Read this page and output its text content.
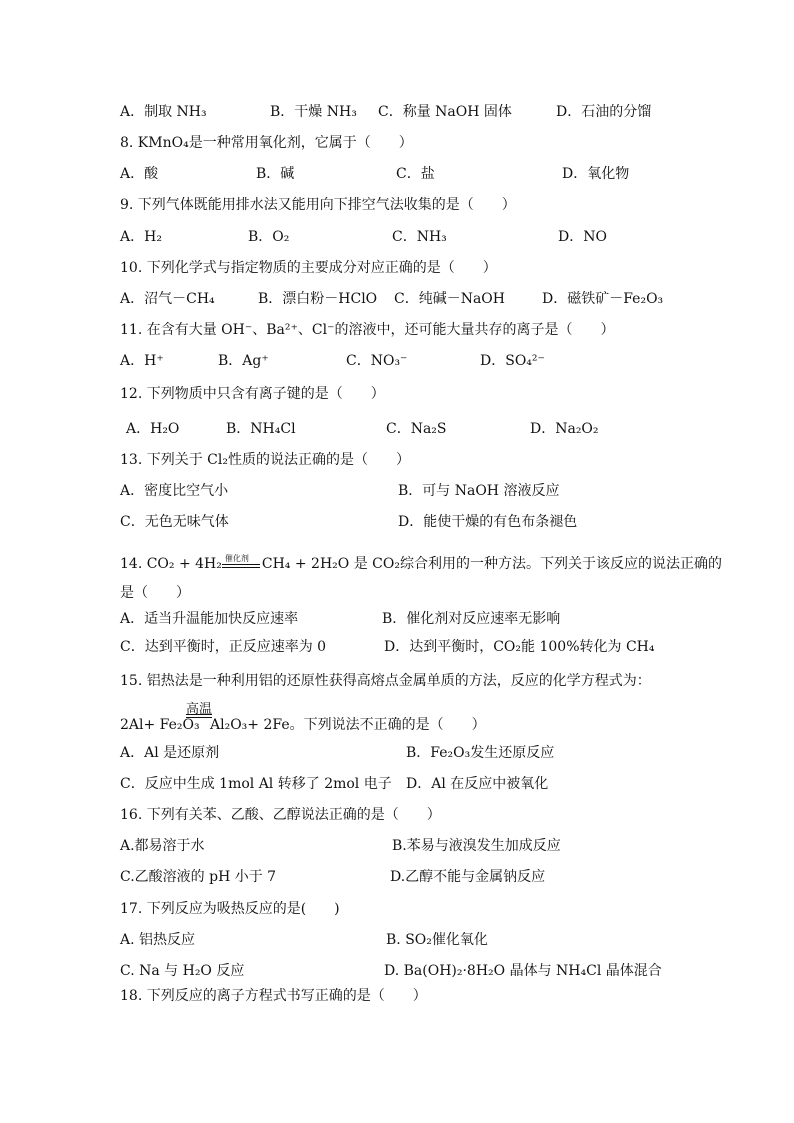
A．制取 NH₃	B．干燥 NH₃ C．称量 NaOH 固体	D．石油的分馏
8. KMnO₄是一种常用氧化剂，它属于（　　）
A．酸	B．碱	C．盐	D．氧化物
9. 下列气体既能用排水法又能用向下排空气法收集的是（　　）
A．H₂	B．O₂	C．NH₃	D．NO
10. 下列化学式与指定物质的主要成分对应正确的是（　　）
A．沼气－CH₄	B．漂白粉－HClO C．纯碱－NaOH	D．磁铁矿－Fe₂O₃
11. 在含有大量 OH⁻、Ba²⁺、Cl⁻的溶液中，还可能大量共存的离子是（　　）
A．H⁺	B．Ag⁺	C．NO₃⁻	D．SO₄²⁻
12. 下列物质中只含有离子键的是（　　）
A．H₂O	B．NH₄Cl	C．Na₂S	D．Na₂O₂
13. 下列关于 Cl₂性质的说法正确的是（　　）
A．密度比空气小	B．可与 NaOH 溶液反应
C．无色无味气体	D．能使干燥的有色布条褪色
14. CO₂ + 4H₂ 催化剂 CH₄ + 2H₂O 是 CO₂综合利用的一种方法。下列关于该反应的说法正确的
是（　　）
A．适当升温能加快反应速率	B．催化剂对反应速率无影响
C．达到平衡时，正反应速率为 0	D．达到平衡时，CO₂能 100%转化为 CH₄
15. 铝热法是一种利用铝的还原性获得高熔点金属单质的方法，反应的化学方程式为：
高温
2Al+ Fe₂O₃ Al₂O₃+ 2Fe。下列说法不正确的是（　　）
A．Al 是还原剂	B．Fe₂O₃发生还原反应
C．反应中生成 1mol Al 转移了 2mol 电子 D．Al 在反应中被氧化
16. 下列有关苯、乙酸、乙醇说法正确的是（　　）
A.都易溶于水	B.苯易与液溴发生加成反应
C.乙酸溶液的 pH 小于 7	D.乙醇不能与金属钠反应
17. 下列反应为吸热反应的是(　　)
A. 铝热反应	B. SO₂催化氧化
C. Na 与 H₂O 反应	D. Ba(OH)₂·8H₂O 晶体与 NH₄Cl 晶体混合
18. 下列反应的离子方程式书写正确的是（　　）
